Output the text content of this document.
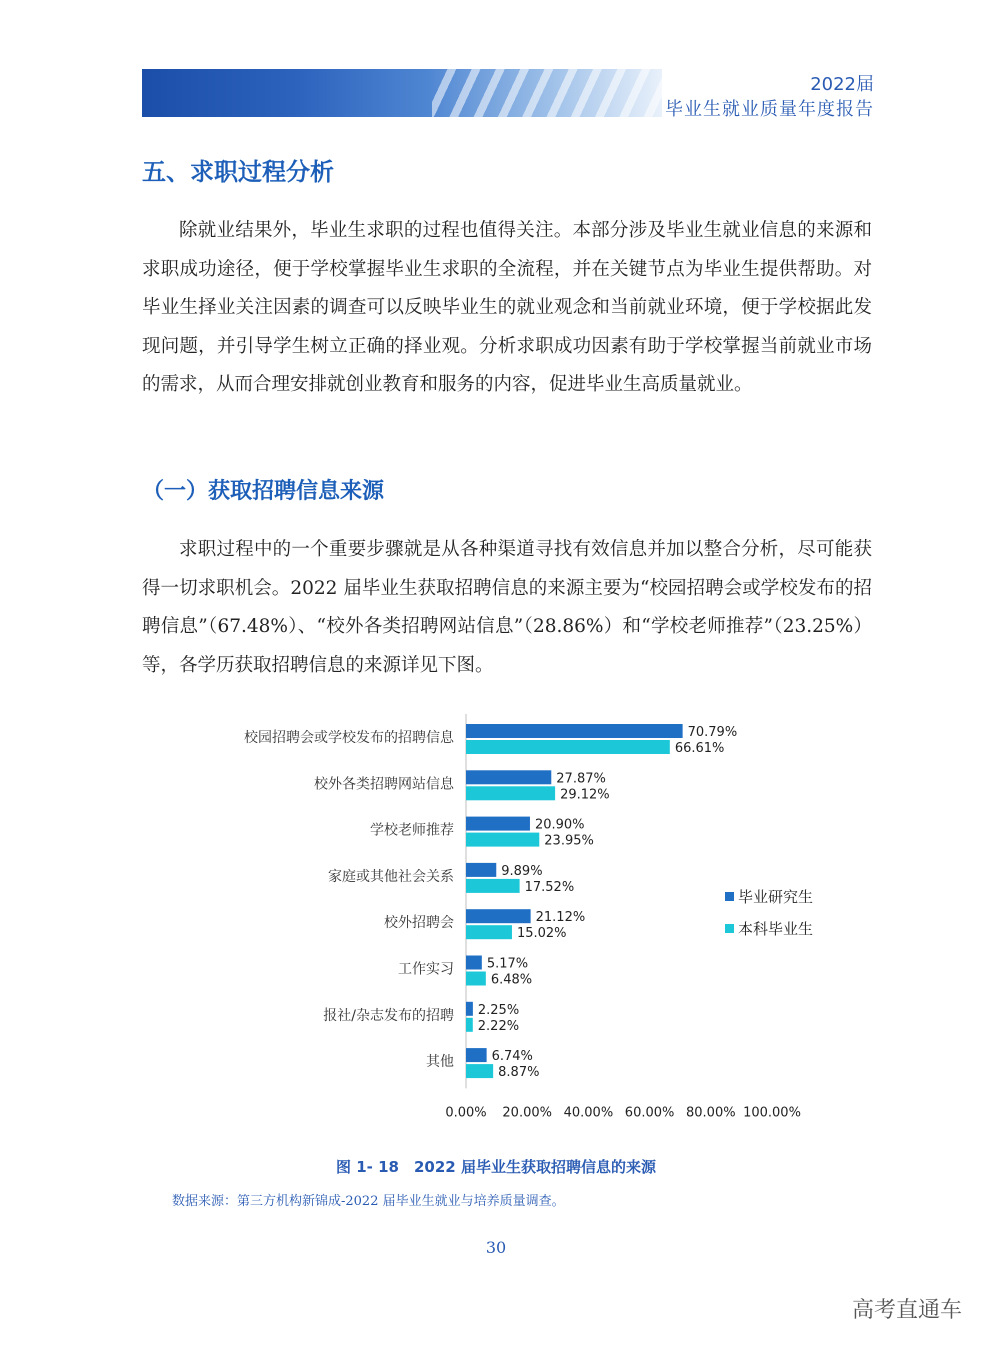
2022届
毕业生就业质量年度报告
五、求职过程分析

除就业结果外，毕业生求职的过程也值得关注。本部分涉及毕业生就业信息的来源和求职成功途径，便于学校掌握毕业生求职的全流程，并在关键节点为毕业生提供帮助。对毕业生择业关注因素的调查可以反映毕业生的就业观念和当前就业环境，便于学校据此发现问题，并引导学生树立正确的择业观。分析求职成功因素有助于学校掌握当前就业市场的需求，从而合理安排就创业教育和服务的内容，促进毕业生高质量就业。

（一）获取招聘信息来源

求职过程中的一个重要步骤就是从各种渠道寻找有效信息并加以整合分析，尽可能获得一切求职机会。2022 届毕业生获取招聘信息的来源主要为“校园招聘会或学校发布的招聘信息”（67.48%）、“校外各类招聘网站信息”（28.86%）和“学校老师推荐”（23.25%）等，各学历获取招聘信息的来源详见下图。

校园招聘会或学校发布的招聘信息	70.79%
66.61%
校外各类招聘网站信息	27.87%
29.12%
学校老师推荐	20.90%
23.95%
家庭或其他社会关系	9.89%
17.52%
校外招聘会	21.12%
15.02%
工作实习	5.17%
6.48%
报社/杂志发布的招聘 2.25%
2.22%
其他	6.74%
8.87%
0.00% 20.00% 40.00% 60.00% 80.00% 100.00%
毕业研究生
本科毕业生
图 1- 18　2022 届毕业生获取招聘信息的来源
数据来源：第三方机构新锦成-2022 届毕业生就业与培养质量调查。
30
高考直通车
